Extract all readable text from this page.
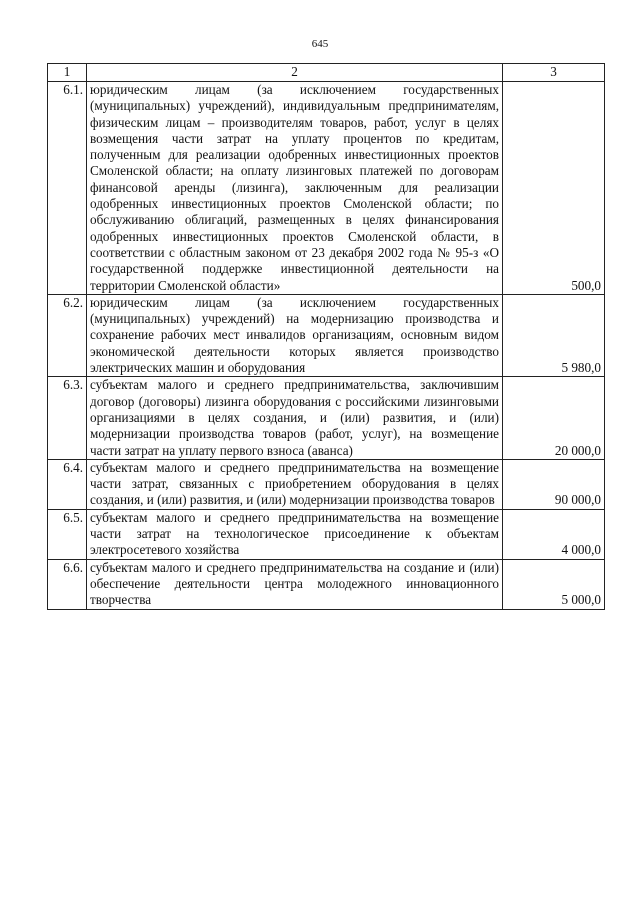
645
1	2	3
6.1.	юридическим лицам (за исключением государственных (муниципальных) учреждений), индивидуальным предпринимателям, физическим лицам – производителям товаров, работ, услуг в целях возмещения части затрат на уплату процентов по кредитам, полученным для реализации одобренных инвестиционных проектов Смоленской области; на оплату лизинговых платежей по договорам финансовой аренды (лизинга), заключенным для реализации одобренных инвестиционных проектов Смоленской области; по обслуживанию облигаций, размещенных в целях финансирования одобренных инвестиционных проектов Смоленской области, в соответствии с областным законом от 23 декабря 2002 года № 95-з «О государственной поддержке инвестиционной деятельности на территории Смоленской области»	500,0
6.2.	юридическим лицам (за исключением государственных (муниципальных) учреждений) на модернизацию производства и сохранение рабочих мест инвалидов организациям, основным видом экономической деятельности которых является производство электрических машин и оборудования	5 980,0
6.3.	субъектам малого и среднего предпринимательства, заключившим договор (договоры) лизинга оборудования с российскими лизинговыми организациями в целях создания, и (или) развития, и (или) модернизации производства товаров (работ, услуг), на возмещение части затрат на уплату первого взноса (аванса)	20 000,0
6.4.	субъектам малого и среднего предпринимательства на возмещение части затрат, связанных с приобретением оборудования в целях создания, и (или) развития, и (или) модернизации производства товаров	90 000,0
6.5.	субъектам малого и среднего предпринимательства на возмещение части затрат на технологическое присоединение к объектам электросетевого хозяйства	4 000,0
6.6.	субъектам малого и среднего предпринимательства на создание и (или) обеспечение деятельности центра молодежного инновационного творчества	5 000,0
